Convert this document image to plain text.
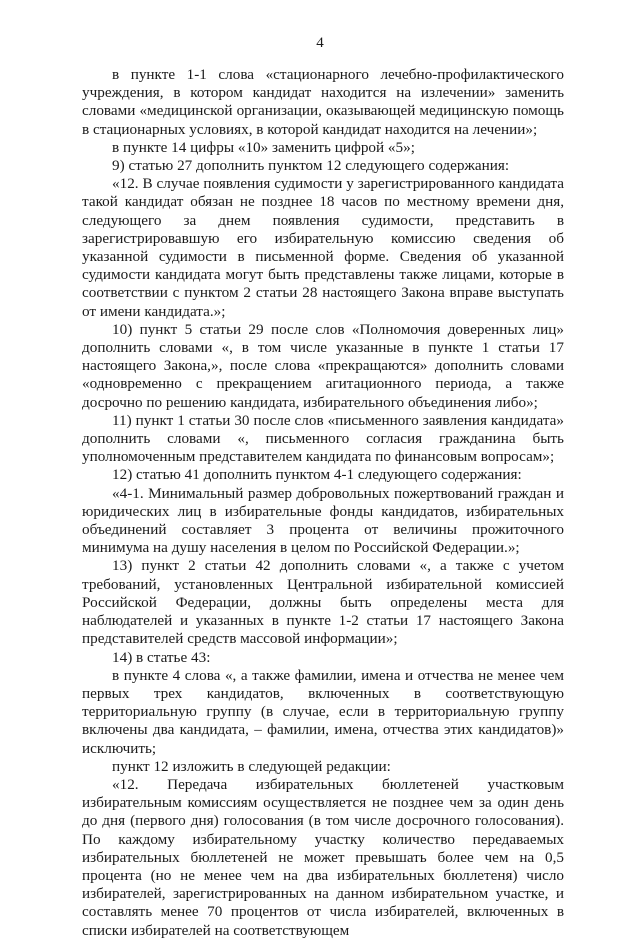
4

в пункте 1-1 слова «стационарного лечебно-профилактического учреждения, в котором кандидат находится на излечении» заменить словами «медицинской организации, оказывающей медицинскую помощь в стационарных условиях, в которой кандидат находится на лечении»;

в пункте 14 цифры «10» заменить цифрой «5»;

9) статью 27 дополнить пунктом 12 следующего содержания:

«12. В случае появления судимости у зарегистрированного кандидата такой кандидат обязан не позднее 18 часов по местному времени дня, следующего за днем появления судимости, представить в зарегистрировавшую его избирательную комиссию сведения об указанной судимости в письменной форме. Сведения об указанной судимости кандидата могут быть представлены также лицами, которые в соответствии с пунктом 2 статьи 28 настоящего Закона вправе выступать от имени кандидата.»;

10) пункт 5 статьи 29 после слов «Полномочия доверенных лиц» дополнить словами «, в том числе указанные в пункте 1 статьи 17 настоящего Закона,», после слова «прекращаются» дополнить словами «одновременно с прекращением агитационного периода, а также досрочно по решению кандидата, избирательного объединения либо»;

11) пункт 1 статьи 30 после слов «письменного заявления кандидата» дополнить словами «, письменного согласия гражданина быть уполномоченным представителем кандидата по финансовым вопросам»;

12) статью 41 дополнить пунктом 4-1 следующего содержания:

«4-1. Минимальный размер добровольных пожертвований граждан и юридических лиц в избирательные фонды кандидатов, избирательных объединений составляет 3 процента от величины прожиточного минимума на душу населения в целом по Российской Федерации.»;

13) пункт 2 статьи 42 дополнить словами «, а также с учетом требований, установленных Центральной избирательной комиссией Российской Федерации, должны быть определены места для наблюдателей и указанных в пункте 1-2 статьи 17 настоящего Закона представителей средств массовой информации»;

14) в статье 43:

в пункте 4 слова «, а также фамилии, имена и отчества не менее чем первых трех кандидатов, включенных в соответствующую территориальную группу (в случае, если в территориальную группу включены два кандидата, – фамилии, имена, отчества этих кандидатов)» исключить;

пункт 12 изложить в следующей редакции:

«12. Передача избирательных бюллетеней участковым избирательным комиссиям осуществляется не позднее чем за один день до дня (первого дня) голосования (в том числе досрочного голосования). По каждому избирательному участку количество передаваемых избирательных бюллетеней не может превышать более чем на 0,5 процента (но не менее чем на два избирательных бюллетеня) число избирателей, зарегистрированных на данном избирательном участке, и составлять менее 70 процентов от числа избирателей, включенных в списки избирателей на соответствующем
